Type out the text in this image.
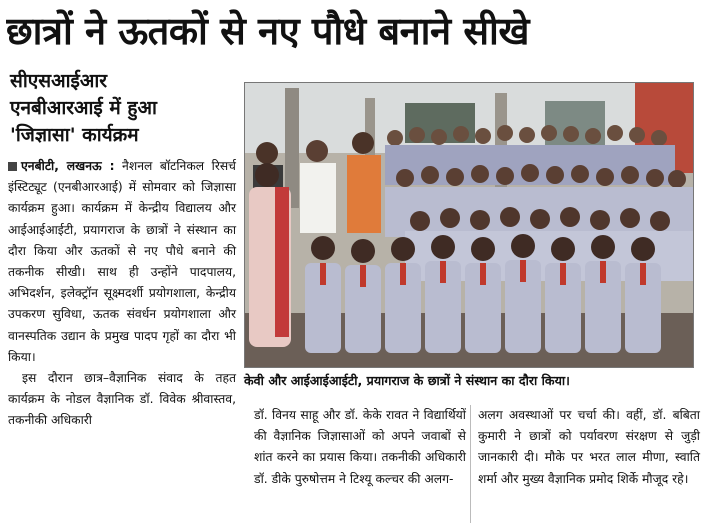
छात्रों ने ऊतकों से नए पौधे बनाने सीखे
सीएसआईआर
एनबीआरआई में हुआ
'जिज्ञासा' कार्यक्रम

एनबीटी, लखनऊ : नैशनल बॉटनिकल रिसर्च इंस्टिट्यूट (एनबीआरआई) में सोमवार को जिज्ञासा कार्यक्रम हुआ। कार्यक्रम में केन्द्रीय विद्यालय और आईआईआईटी, प्रयागराज के छात्रों ने संस्थान का दौरा किया और ऊतकों से नए पौधे बनाने की तकनीक सीखी। साथ ही उन्होंने पादपालय, अभिदर्शन, इलेक्ट्रॉन सूक्ष्मदर्शी प्रयोगशाला, केन्द्रीय उपकरण सुविधा, ऊतक संवर्धन प्रयोगशाला और वानस्पतिक उद्यान के प्रमुख पादप गृहों का दौरा भी किया।

इस दौरान छात्र–वैज्ञानिक संवाद के तहत कार्यक्रम के नोडल वैज्ञानिक डॉ. विवेक श्रीवास्तव, तकनीकी अधिकारी

केवी और आईआईआईटी, प्रयागराज के छात्रों ने संस्थान का दौरा किया।
डॉ. विनय साहू और डॉ. केके रावत ने विद्यार्थियों की वैज्ञानिक जिज्ञासाओं को अपने जवाबों से शांत करने का प्रयास किया। तकनीकी अधिकारी डॉ. डीके पुरुषोत्तम ने टिश्यू कल्चर की अलग-
अलग अवस्थाओं पर चर्चा की। वहीं, डॉ. बबिता कुमारी ने छात्रों को पर्यावरण संरक्षण से जुड़ी जानकारी दी। मौके पर भरत लाल मीणा, स्वाति शर्मा और मुख्य वैज्ञानिक प्रमोद शिर्के मौजूद रहे।
